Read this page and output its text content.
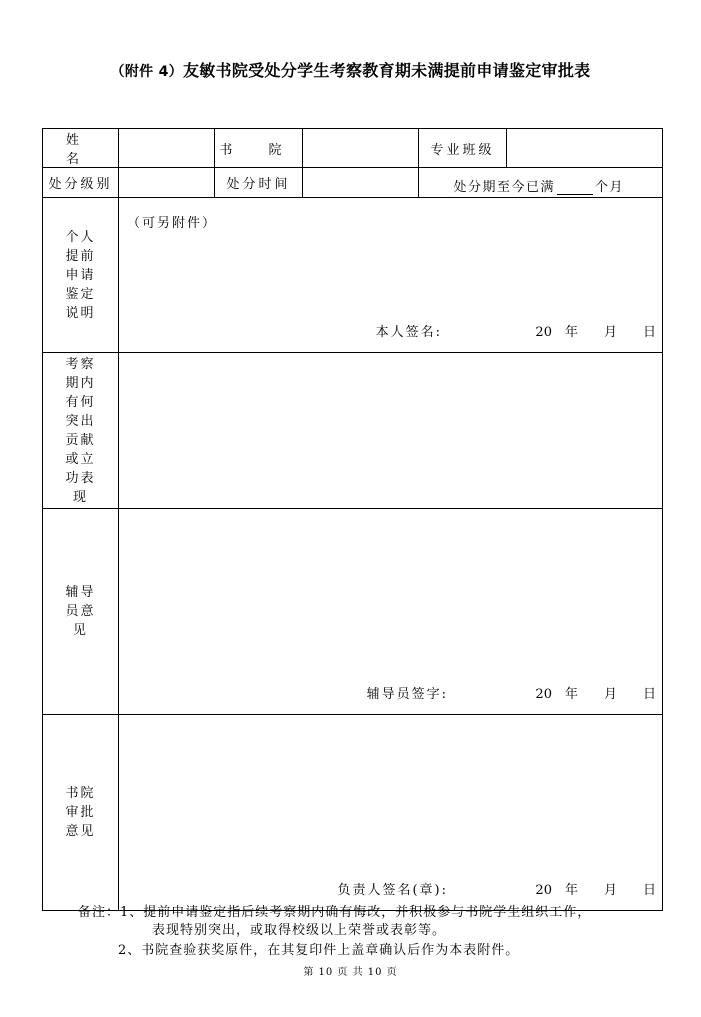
（附件 4）友敏书院受处分学生考察教育期未满提前申请鉴定审批表
姓 名		书 院		专业班级	
处分级别		处分时间		处分期至今已满 个月	

个人提前申请鉴定说明	（可另附件）
本人签名: 20　年 月 日				

考察期内有何突出贡献或立功表现					
辅导员意见	辅导员签字: 20　年 月 日				

书院审批意见	负责人签名(章): 20　年 月 日				
备注：1、提前申请鉴定指后续考察期内确有悔改，并积极参与书院学生组织工作，
表现特别突出，或取得校级以上荣誉或表彰等。
2、书院查验获奖原件，在其复印件上盖章确认后作为本表附件。
第 10 页 共 10 页
